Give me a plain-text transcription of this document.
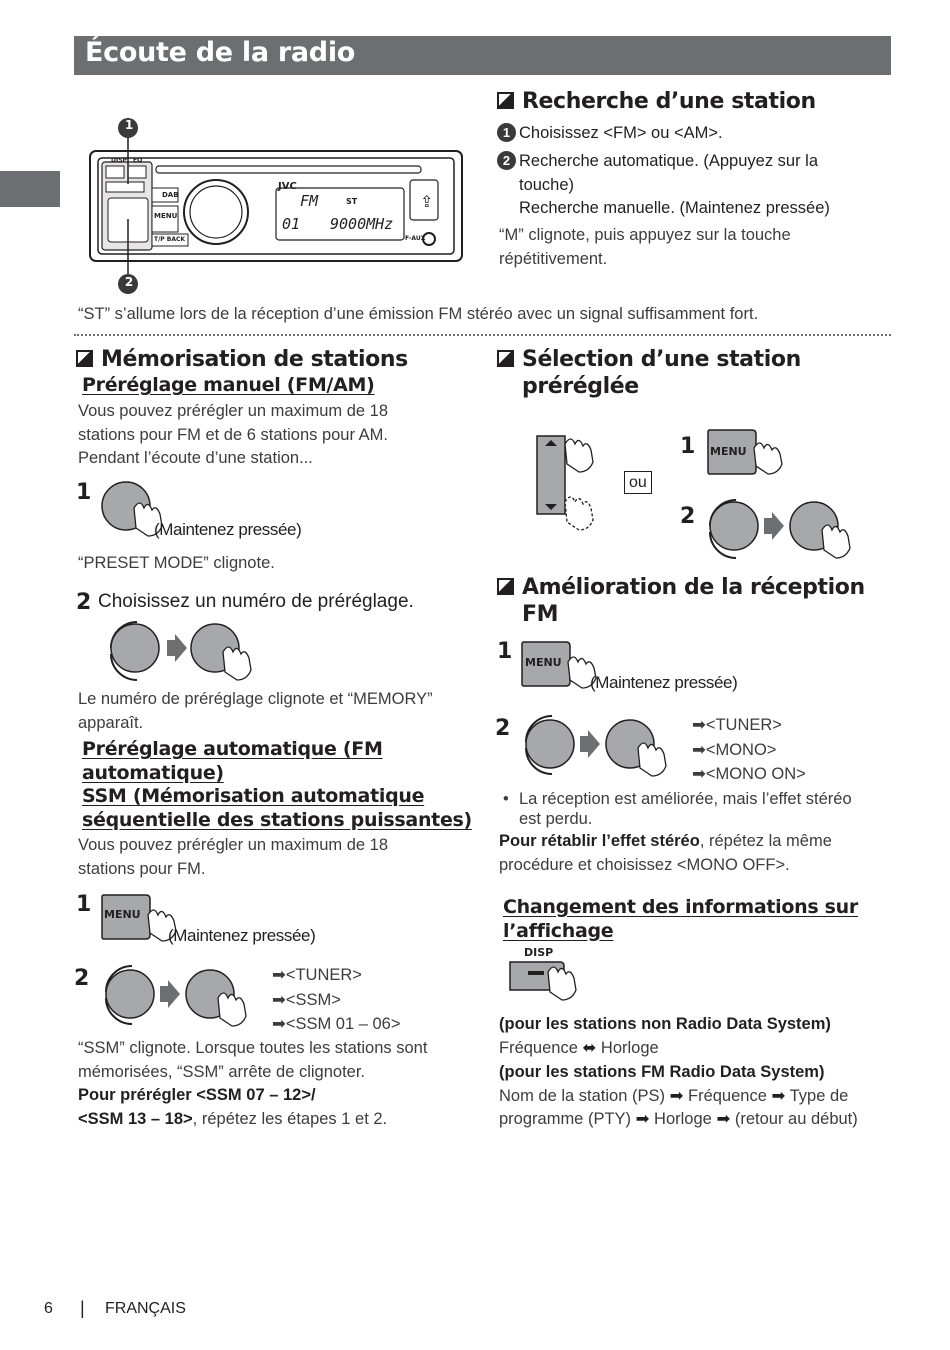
Écoute de la radio
1
2
JVC
FM	ST
01 9000MHz
DISP EQ
DAB
MENU
T/P BACK	F-AUX
⇪
Recherche d’une station
1 Choisissez <FM> ou <AM>.
2 Recherche automatique. (Appuyez sur la
touche)
Recherche manuelle. (Maintenez pressée)
“M” clignote, puis appuyez sur la touche
répétitivement.
“ST” s’allume lors de la réception d’une émission FM stéréo avec un signal suffisamment fort.
Mémorisation de stations
Préréglage manuel (FM/AM)
Vous pouvez prérégler un maximum de 18
stations pour FM et de 6 stations pour AM.
Pendant l’écoute d’une station...
1
(Maintenez pressée)
“PRESET MODE” clignote.
2 Choisissez un numéro de préréglage.
Le numéro de préréglage clignote et “MEMORY”
apparaît.
Préréglage automatique (FM
automatique)
SSM (Mémorisation automatique
séquentielle des stations puissantes)
Vous pouvez prérégler un maximum de 18
stations pour FM.
1 MENU
(Maintenez pressée)
2	➡<TUNER>
➡<SSM>
➡<SSM 01 – 06>
“SSM” clignote. Lorsque toutes les stations sont
mémorisées, “SSM” arrête de clignoter.
Pour prérégler <SSM 07 – 12>/
<SSM 13 – 18>, répétez les étapes 1 et 2.
Sélection d’une station
préréglée
ou
1 MENU
2
Amélioration de la réception
FM
1 MENU
(Maintenez pressée)
2	➡<TUNER>
➡<MONO>
➡<MONO ON>
• La réception est améliorée, mais l’effet stéréo
est perdu.
Pour rétablir l’effet stéréo, répétez la même
procédure et choisissez <MONO OFF>.
Changement des informations sur
l’affichage
DISP
(pour les stations non Radio Data System)
Fréquence ⬌ Horloge
(pour les stations FM Radio Data System)
Nom de la station (PS) ➡ Fréquence ➡ Type de
programme (PTY) ➡ Horloge ➡ (retour au début)
6 | FRANÇAIS
